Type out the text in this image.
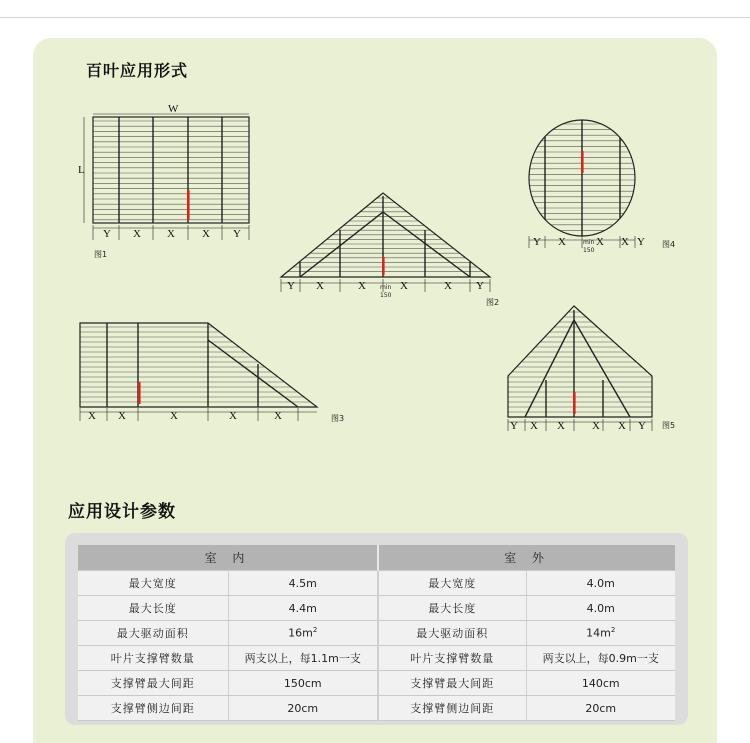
百叶应用形式
W
L
Y X X X Y
图1
Y X	X	X	X Y
min
150
图2
X X	X	X	X	图3
Y X	X X Y
min
150
图4
Y X X X X Y 图5
应用设计参数
室 内		室 外	
最大宽度	4.5m	最大宽度	4.0m
最大长度	4.4m	最大长度	4.0m
最大驱动面积	$16m^2$	最大驱动面积	$14m^2$
叶片支撑臂数量	两支以上，每1.1m一支	叶片支撑臂数量	两支以上，每0.9m一支
支撑臂最大间距	150cm	支撑臂最大间距	140cm
支撑臂侧边间距	20cm	支撑臂侧边间距	20cm
